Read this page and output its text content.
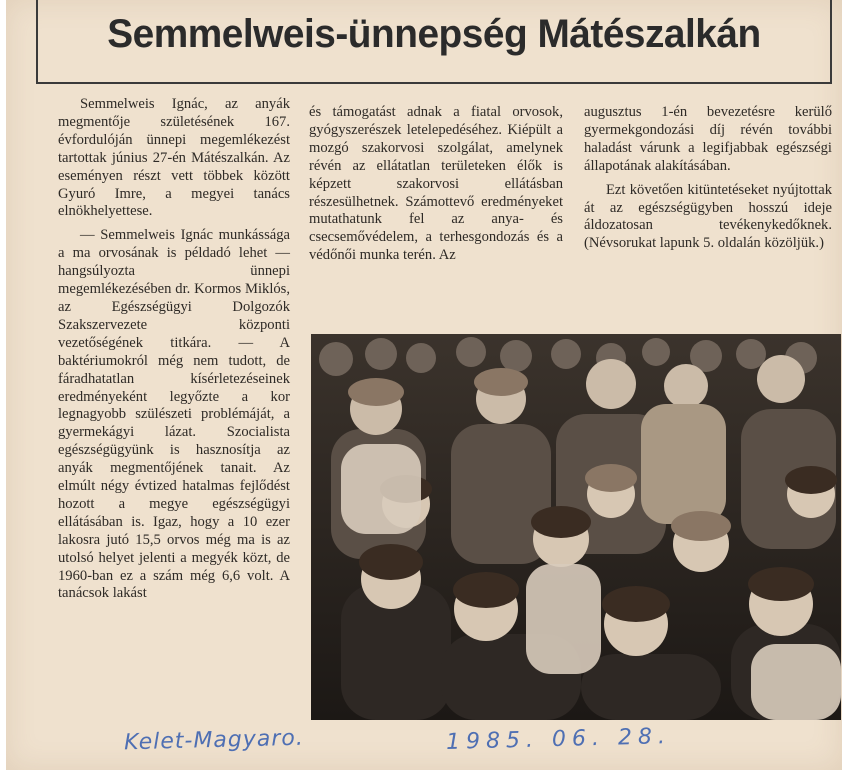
Semmelweis-ünnepség Mátészalkán

Semmelweis Ignác, az anyák megmentője születésének 167. évfordulóján ünnepi megemlékezést tartottak június 27-én Mátészalkán. Az eseményen részt vett többek között Gyuró Imre, a megyei tanács elnökhelyettese.

— Semmelweis Ignác munkássága a ma orvosának is példadó lehet — hangsúlyozta ünnepi megemlékezésében dr. Kormos Miklós, az Egészségügyi Dolgozók Szakszervezete központi vezetőségének titkára. — A baktériumokról még nem tudott, de fáradhatatlan kísérletezéseinek eredményeként legyőzte a kor legnagyobb szülészeti problémáját, a gyermekágyi lázat. Szocialista egészségügyünk is hasznosítja az anyák megmentőjének tanait. Az elmúlt négy évtized hatalmas fejlődést hozott a megye egészségügyi ellátásában is. Igaz, hogy a 10 ezer lakosra jutó 15,5 orvos még ma is az utolsó helyet jelenti a megyék közt, de 1960-ban ez a szám még 6,6 volt. A tanácsok lakást

és támogatást adnak a fiatal orvosok, gyógyszerészek letelepedéséhez. Kiépült a mozgó szakorvosi szolgálat, amelynek révén az ellátatlan területeken élők is képzett szakorvosi ellátásban részesülhetnek. Számottevő eredményeket mutathatunk fel az anya- és csecsemővédelem, a terhesgondozás és a védőnői munka terén. Az

augusztus 1-én bevezetésre kerülő gyermekgondozási díj révén további haladást várunk a legifjabbak egészségi állapotának alakításában.

Ezt követően kitüntetéseket nyújtottak át az egészségügyben hosszú ideje áldozatosan tevékenykedőknek. (Névsorukat lapunk 5. oldalán közöljük.)

Kelet-Magyaro.	1985. 06. 28.
